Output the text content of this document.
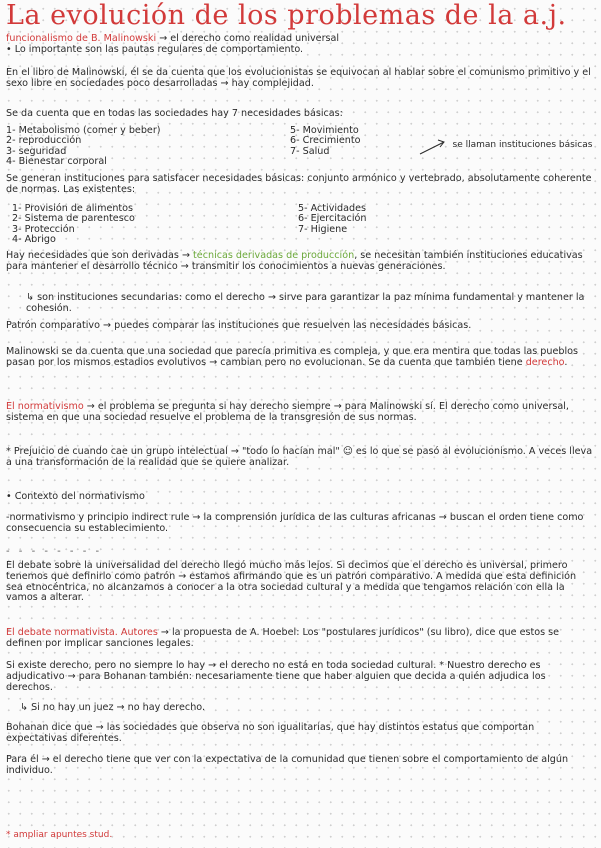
La evolución de los problemas de la a.j.
funcionalismo de B. Malinowski → el derecho como realidad universal
• Lo importante son las pautas regulares de comportamiento.
En el libro de Malinowski, él se da cuenta que los evolucionistas se equivocan al hablar sobre el comunismo primitivo y el sexo libre en sociedades poco desarrolladas → hay complejidad.
Se da cuenta que en todas las sociedades hay 7 necesidades básicas:
1- Metabolismo (comer y beber)
2- reproducción
3- seguridad
4- Bienestar corporal
5- Movimiento
6- Crecimiento
7- Salud
se llaman instituciones básicas
Se generan instituciones para satisfacer necesidades básicas: conjunto armónico y vertebrado, absolutamente coherente de normas. Las existentes:
1- Provisión de alimentos
2- Sistema de parentesco
3- Protección
4- Abrigo
5- Actividades
6- Ejercitación
7- Higiene
Hay necesidades que son derivadas → técnicas derivadas de producción, se necesitan también instituciones educativas para mantener el desarrollo técnico → transmitir los conocimientos a nuevas generaciones.
↳ son instituciones secundarias: como el derecho → sirve para garantizar la paz mínima fundamental y mantener la cohesión.
Patrón comparativo → puedes comparar las instituciones que resuelven las necesidades básicas.
Malinowski se da cuenta que una sociedad que parecía primitiva es compleja, y que era mentira que todas las pueblos pasan por los mismos estadios evolutivos → cambian pero no evolucionan. Se da cuenta que también tiene derecho.
El normativismo → el problema se pregunta si hay derecho siempre → para Malinowski sí. El derecho como universal, sistema en que una sociedad resuelve el problema de la transgresión de sus normas.
* Prejuicio de cuando cae un grupo intelectual → "todo lo hacían mal" ☺ es lo que se pasó al evolucionismo. A veces lleva a una transformación de la realidad que se quiere analizar.
• Contexto del normativismo
-normativismo y principio indirect rule → la comprensión jurídica de las culturas africanas → buscan el orden tiene como consecuencia su establecimiento.
- - - - - - - -
El debate sobre la universalidad del derecho llegó mucho más lejos. Si decimos que el derecho es universal, primero tenemos que definirlo como patrón → estamos afirmando que es un patrón comparativo. A medida que esta definición sea etnocéntrica, no alcanzamos a conocer a la otra sociedad cultural y a medida que tengamos relación con ella la vamos a alterar.
El debate normativista. Autores → la propuesta de A. Hoebel: Los "postulares jurídicos" (su libro), dice que estos se definen por implicar sanciones legales.
Si existe derecho, pero no siempre lo hay → el derecho no está en toda sociedad cultural. * Nuestro derecho es adjudicativo → para Bohanan también: necesariamente tiene que haber alguien que decida a quién adjudica los derechos.
↳ Si no hay un juez → no hay derecho.
Bohanan dice que → las sociedades que observa no son igualitarias, que hay distintos estatus que comportan expectativas diferentes.
Para él → el derecho tiene que ver con la expectativa de la comunidad que tienen sobre el comportamiento de algún individuo.
* ampliar apuntes stud.
